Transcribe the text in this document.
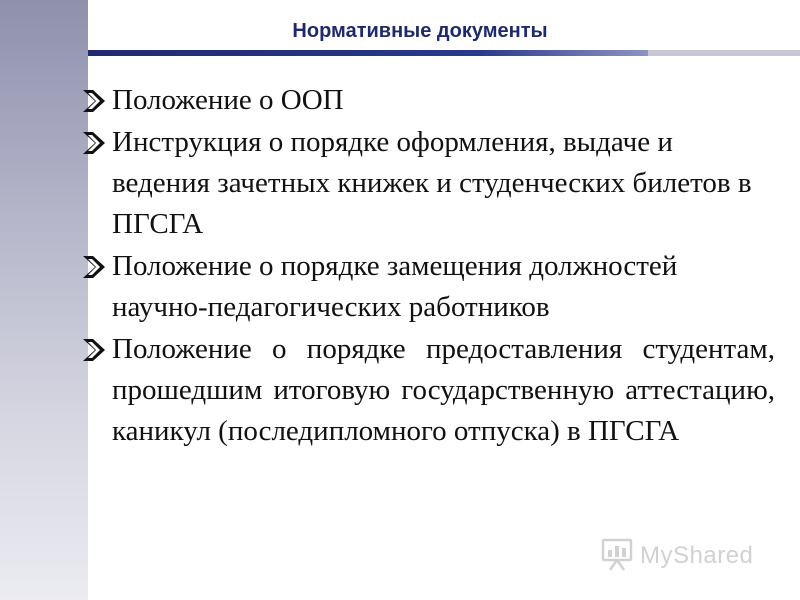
Нормативные документы
Положение о ООП
Инструкция о порядке оформления, выдаче и ведения зачетных книжек и студенческих билетов в ПГСГА
Положение о порядке замещения должностей научно-педагогических работников
Положение о порядке предоставления студентам, прошедшим итоговую государственную аттестацию, каникул (последипломного отпуска) в ПГСГА
MyShared
